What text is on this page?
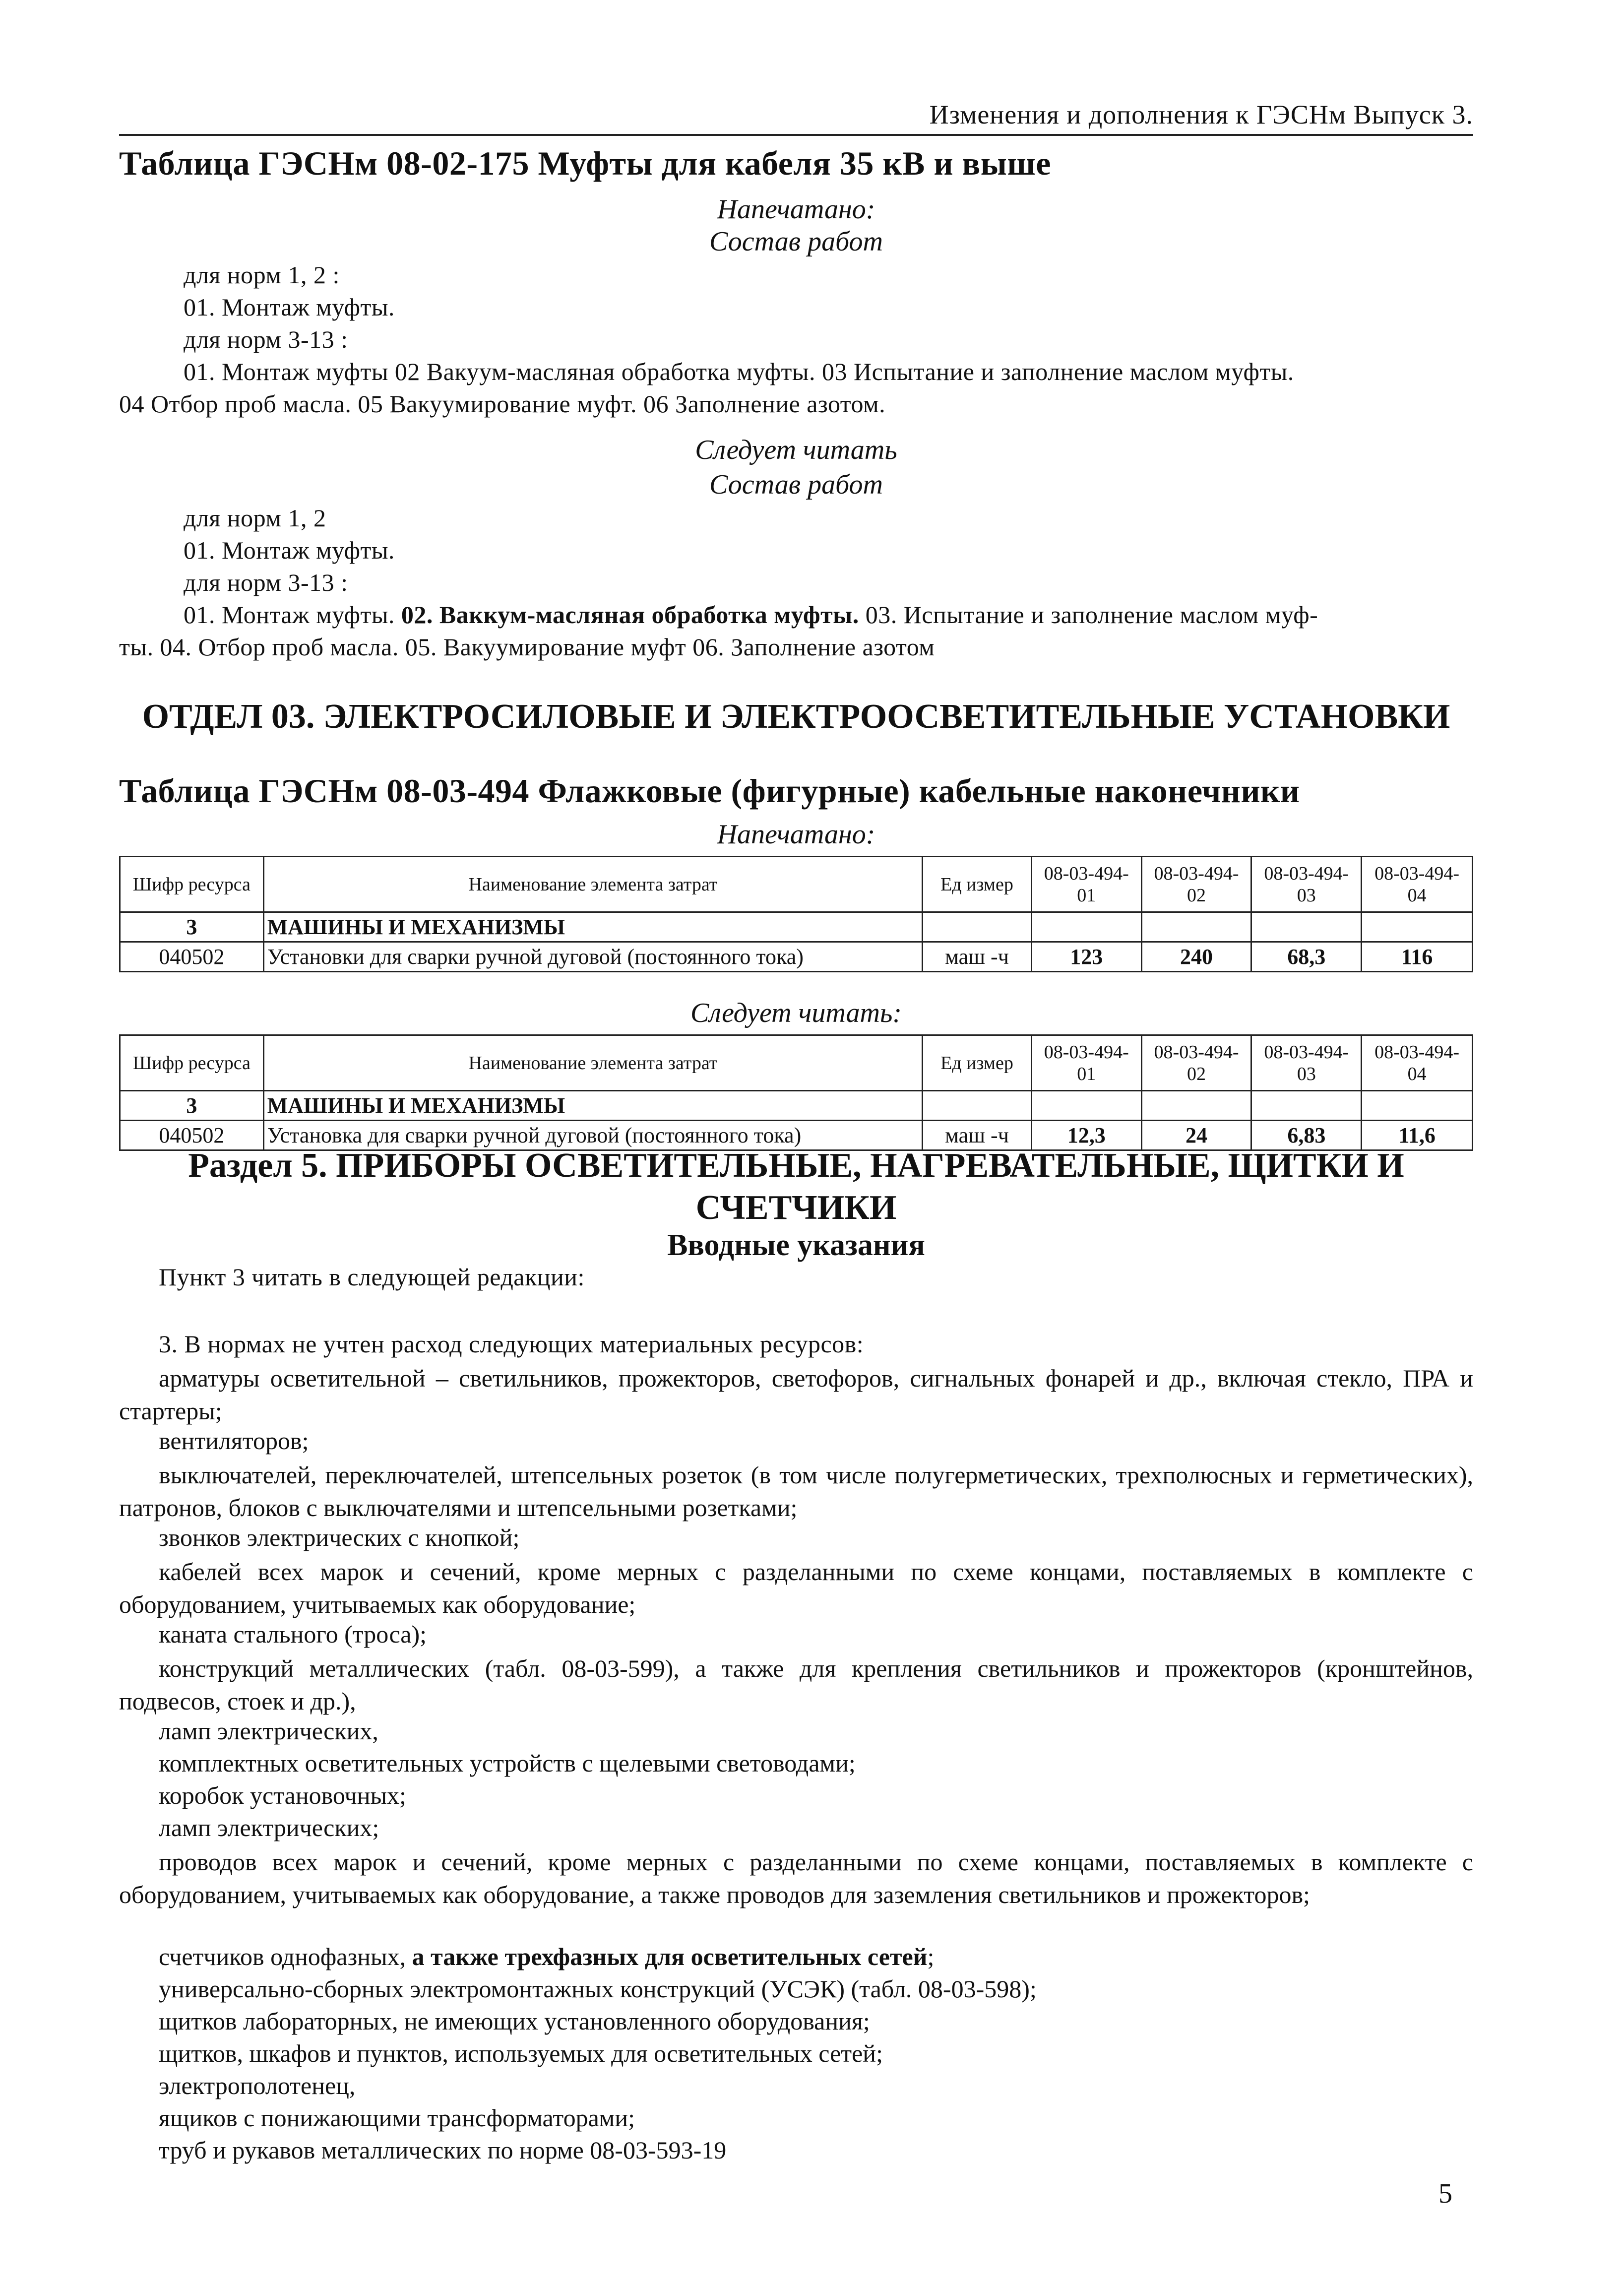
Изменения и дополнения к ГЭСНм Выпуск 3.
Таблица ГЭСНм 08-02-175 Муфты для кабеля 35 кВ и выше
Напечатано:
Состав работ
для норм 1, 2 :
01. Монтаж муфты.
для норм 3-13 :
01. Монтаж муфты 02 Вакуум-масляная обработка муфты. 03 Испытание и заполнение маслом муфты.
04 Отбор проб масла. 05 Вакуумирование муфт. 06 Заполнение азотом.
Следует читать
Состав работ
для норм 1, 2
01. Монтаж муфты.
для норм 3-13 :
01. Монтаж муфты. 02. Ваккум-масляная обработка муфты. 03. Испытание и заполнение маслом муф-
ты. 04. Отбор проб масла. 05. Вакуумирование муфт 06. Заполнение азотом
ОТДЕЛ 03. ЭЛЕКТРОСИЛОВЫЕ И ЭЛЕКТРООСВЕТИТЕЛЬНЫЕ УСТАНОВКИ
Таблица ГЭСНм 08-03-494 Флажковые (фигурные) кабельные наконечники
Напечатано:
Шифр ресурса	Наименование элемента затрат	Ед измер	08-03-494-01	08-03-494-02	08-03-494-03	08-03-494-04
3	МАШИНЫ И МЕХАНИЗМЫ					
040502	Установки для сварки ручной дуговой (постоянного тока)	маш -ч	123	240	68,3	116
Следует читать:
Шифр ресурса	Наименование элемента затрат	Ед измер	08-03-494-01	08-03-494-02	08-03-494-03	08-03-494-04
3	МАШИНЫ И МЕХАНИЗМЫ					
040502	Установка для сварки ручной дуговой (постоянного тока)	маш -ч	12,3	24	6,83	11,6
Раздел 5. ПРИБОРЫ ОСВЕТИТЕЛЬНЫЕ, НАГРЕВАТЕЛЬНЫЕ, ЩИТКИ И
СЧЕТЧИКИ
Вводные указания
Пункт 3 читать в следующей редакции:
3. В нормах не учтен расход следующих материальных ресурсов:
арматуры осветительной – светильников, прожекторов, светофоров, сигнальных фонарей и др., включая стекло, ПРА и стартеры;
вентиляторов;
выключателей, переключателей, штепсельных розеток (в том числе полугерметических, трехполюсных и герметических), патронов, блоков с выключателями и штепсельными розетками;
звонков электрических с кнопкой;
кабелей всех марок и сечений, кроме мерных с разделанными по схеме концами, поставляемых в комплекте с оборудованием, учитываемых как оборудование;
каната стального (троса);
конструкций металлических (табл. 08-03-599), а также для крепления светильников и прожекторов (кронштейнов, подвесов, стоек и др.),
ламп электрических,
комплектных осветительных устройств с щелевыми световодами;
коробок установочных;
ламп электрических;
проводов всех марок и сечений, кроме мерных с разделанными по схеме концами, поставляемых в комплекте с оборудованием, учитываемых как оборудование, а также проводов для заземления светильников и прожекторов;
счетчиков однофазных, а также трехфазных для осветительных сетей;
универсально-сборных электромонтажных конструкций (УСЭК) (табл. 08-03-598);
щитков лабораторных, не имеющих установленного оборудования;
щитков, шкафов и пунктов, используемых для осветительных сетей;
электрополотенец,
ящиков с понижающими трансформаторами;
труб и рукавов металлических по норме 08-03-593-19
5
